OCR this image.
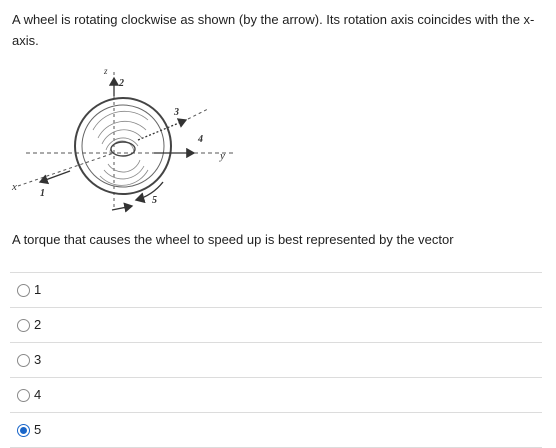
A wheel is rotating clockwise as shown (by the arrow). Its rotation axis coincides with the x-axis.
x
y
z
1
2
3
4
5
A torque that causes the wheel to speed up is best represented by the vector
1
2
3
4
5
